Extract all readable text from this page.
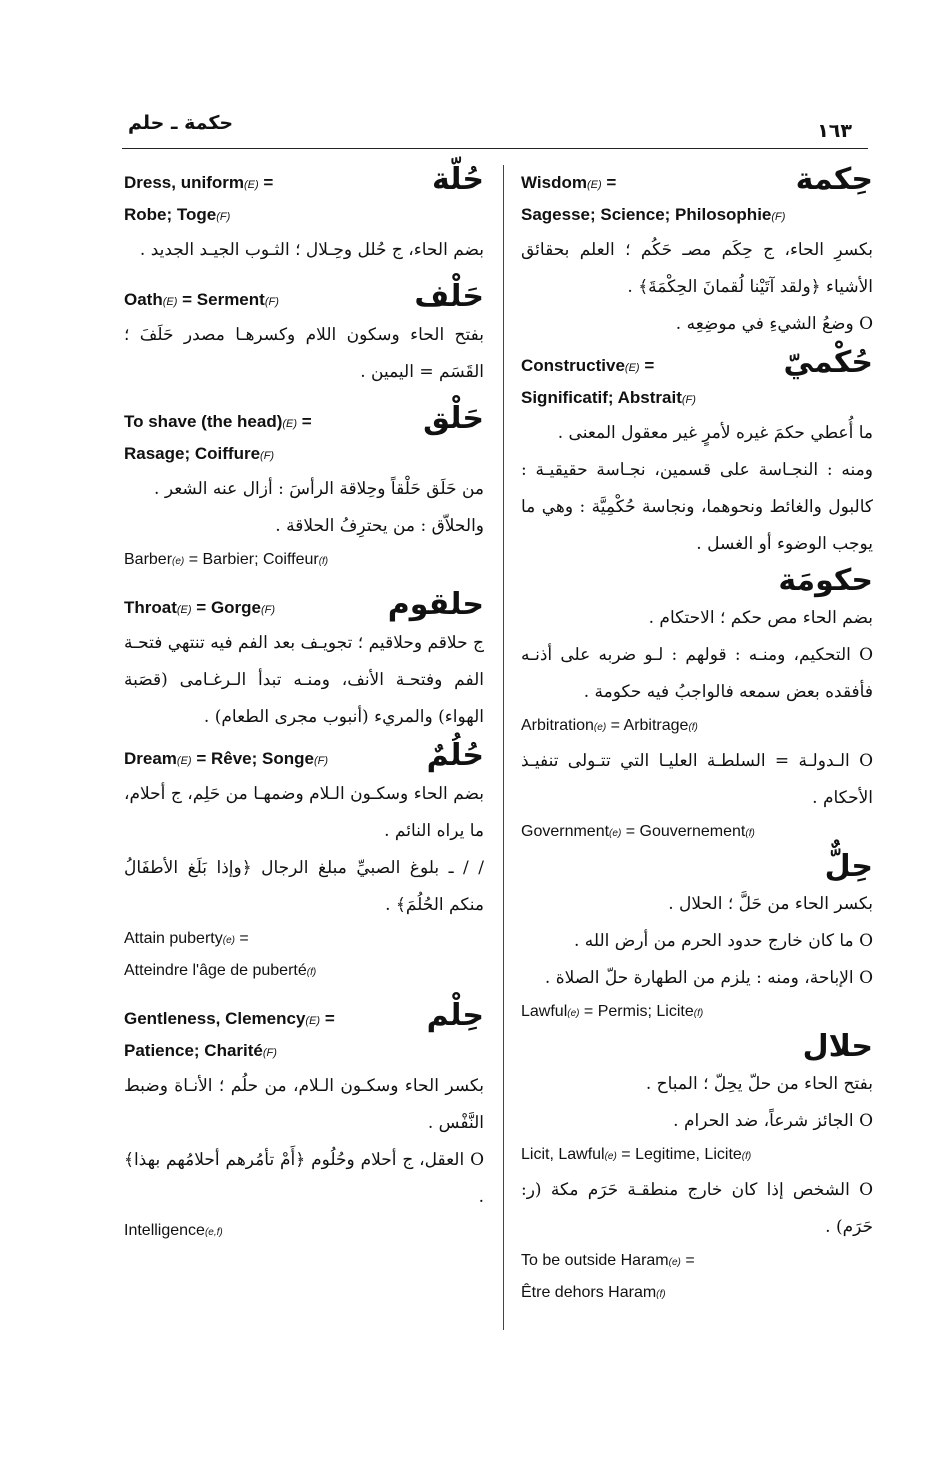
حكمة ـ حلم	١٦٣
حِكمة
Wisdom(E) =
Sagesse; Science; Philosophie(F)
بكسرِ الحاء، ج حِكَم مصـ حَكُم ؛ العلم بحقائق الأشياء ﴿ولقد آتَيْنا لُقمانَ الحِكْمَةَ﴾ .
O وضعُ الشيءِ في موضِعِه .
حُكْميّ
Constructive(E) =
Significatif; Abstrait(F)
ما أُعطي حكمَ غيره لأمرٍ غير معقول المعنى .
ومنه : النجـاسة على قسمين، نجـاسة حقيقيـة : كالبول والغائط ونحوهما، ونجاسة حُكْمِيَّة : وهي ما يوجب الوضوء أو الغسل .
حكومَة
بضم الحاء مص حكم ؛ الاحتكام .
O التحكيم، ومنـه : قولهم : لـو ضربه على أذنـه فأفقده بعض سمعه فالواجبُ فيه حكومة .
Arbitration(e) = Arbitrage(f)
O الـدولـة = السلطـة العليـا التي تتـولى تنفيـذ الأحكام .
Government(e) = Gouvernement(f)
حِلٌّ
بكسر الحاء من حَلَّ ؛ الحلال .
O ما كان خارج حدود الحرم من أرض الله .
O الإباحة، ومنه : يلزم من الطهارة حلّ الصلاة .
Lawful(e) = Permis; Licite(f)
حلال
بفتح الحاء من حلّ يحِلّ ؛ المباح .
O الجائز شرعاً، ضد الحرام .
Licit, Lawful(e) = Legitime, Licite(f)
O الشخص إذا كان خارج منطقـة حَرَم مكة (ر: حَرَم) .
To be outside Haram(e) =
Être dehors Haram(f)
حُلّة
Dress, uniform(E) =
Robe; Toge(F)
بضم الحاء، ج حُلل وحِـلال ؛ الثـوب الجيـد الجديد .
حَلْف
Oath(E) = Serment(F)
بفتح الحاء وسكون اللام وكسرهـا مصدر حَلَفَ ؛ القَسَم = اليمين .
حَلْق
To shave (the head)(E) =
Rasage; Coiffure(F)
من حَلَق حَلْقاً وحِلاقة الرأسَ : أزال عنه الشعر .
والحلاّق : من يحترِفُ الحلاقة .
Barber(e) = Barbier; Coiffeur(f)
حلقوم
Throat(E) = Gorge(F)
ج حلاقم وحلاقيم ؛ تجويـف بعد الفم فيه تنتهي فتحـة الفم وفتحـة الأنف، ومنـه تبدأ الـرغـامى (قصَبة الهواء) والمريء (أنبوب مجرى الطعام) .
حُلُمٌ
Dream(E) = Rêve; Songe(F)
بضم الحاء وسكـون الـلام وضمهـا من حَلِم، ج أحلام، ما يراه النائم .
/ / ـ بلوغ الصبيِّ مبلغ الرجال ﴿وإذا بَلَغ الأطفَالُ منكم الحُلُمَ﴾ .
Attain puberty(e) =
Atteindre l'âge de puberté(f)
حِلْم
Gentleness, Clemency(E) =
Patience; Charité(F)
بكسر الحاء وسكـون الـلام، من حلُم ؛ الأنـاة وضبط النَّفْس .
O العقل، ج أحلام وحُلُوم ﴿أَمْ تأمُرهم أحلامُهم بهذا﴾ .
Intelligence(e,f)
